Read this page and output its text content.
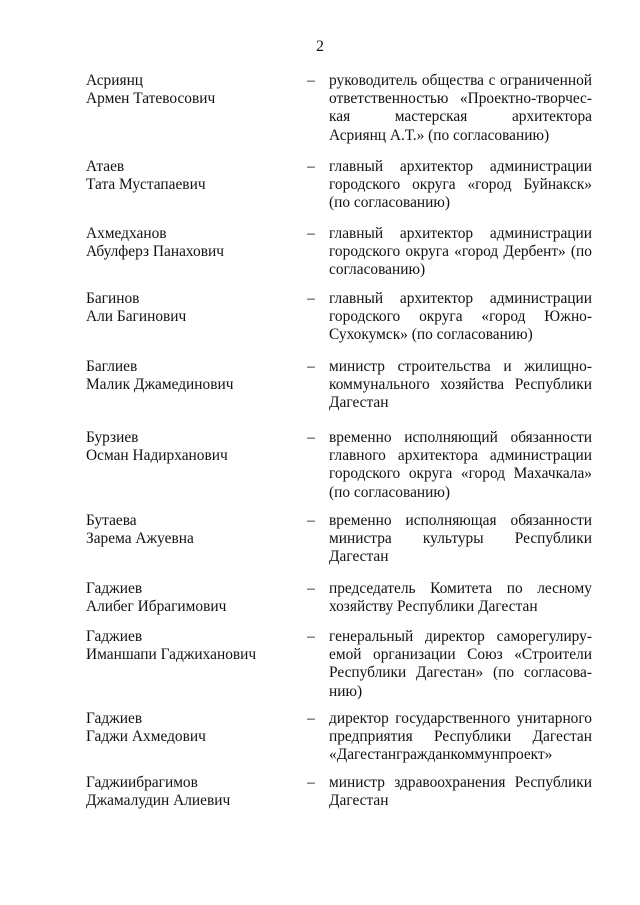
2
Асриянц
Армен Татевосович
– руководитель общества с ограниченной
ответственностью «Проектно-творчес-
кая мастерская архитектора
Асриянц А.Т.» (по согласованию)
Атаев
Тата Мустапаевич
– главный архитектор администрации
городского округа «город Буйнакск»
(по согласованию)
Ахмедханов
Абулферз Панахович
– главный архитектор администрации
городского округа «город Дербент» (по
согласованию)
Багинов
Али Багинович
– главный архитектор администрации
городского округа «город Южно-
Сухокумск» (по согласованию)
Баглиев
Малик Джамединович
– министр строительства и жилищно-
коммунального хозяйства Республики
Дагестан
Бурзиев
Осман Надирханович
– временно исполняющий обязанности
главного архитектора администрации
городского округа «город Махачкала»
(по согласованию)
Бутаева
Зарема Ажуевна
– временно исполняющая обязанности
министра культуры Республики
Дагестан
Гаджиев
Алибег Ибрагимович
– председатель Комитета по лесному
хозяйству Республики Дагестан
Гаджиев
Иманшапи Гаджиханович
– генеральный директор саморегулиру-
емой организации Союз «Строители
Республики Дагестан» (по согласова-
нию)
Гаджиев
Гаджи Ахмедович
– директор государственного унитарного
предприятия Республики Дагестан
«Дагестангражданкоммунпроект»
Гаджиибрагимов
Джамалудин Алиевич
– министр здравоохранения Республики
Дагестан
